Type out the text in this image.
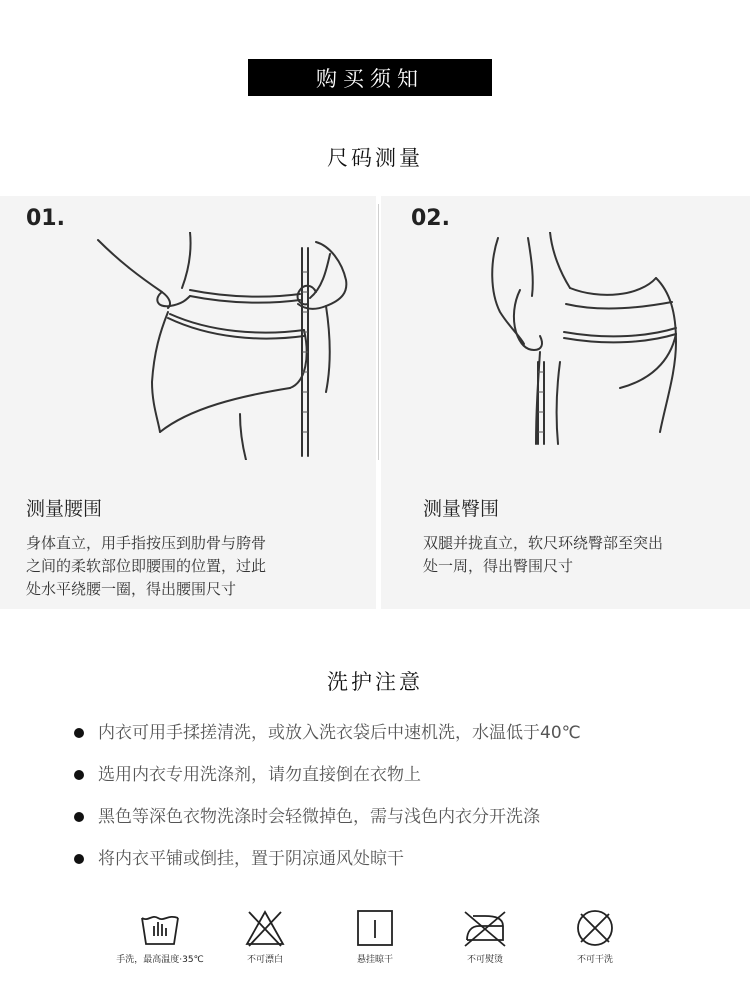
购买须知
尺码测量
01.
测量腰围
身体直立，用手指按压到肋骨与胯骨
之间的柔软部位即腰围的位置，过此
处水平绕腰一圈，得出腰围尺寸
02.
测量臀围
双腿并拢直立，软尺环绕臀部至突出
处一周，得出臀围尺寸
洗护注意
内衣可用手揉搓清洗，或放入洗衣袋后中速机洗，水温低于40℃
选用内衣专用洗涤剂，请勿直接倒在衣物上
黑色等深色衣物洗涤时会轻微掉色，需与浅色内衣分开洗涤
将内衣平铺或倒挂，置于阴凉通风处晾干
手洗，最高温度·35℃	不可漂白	悬挂晾干	不可熨烫	不可干洗
